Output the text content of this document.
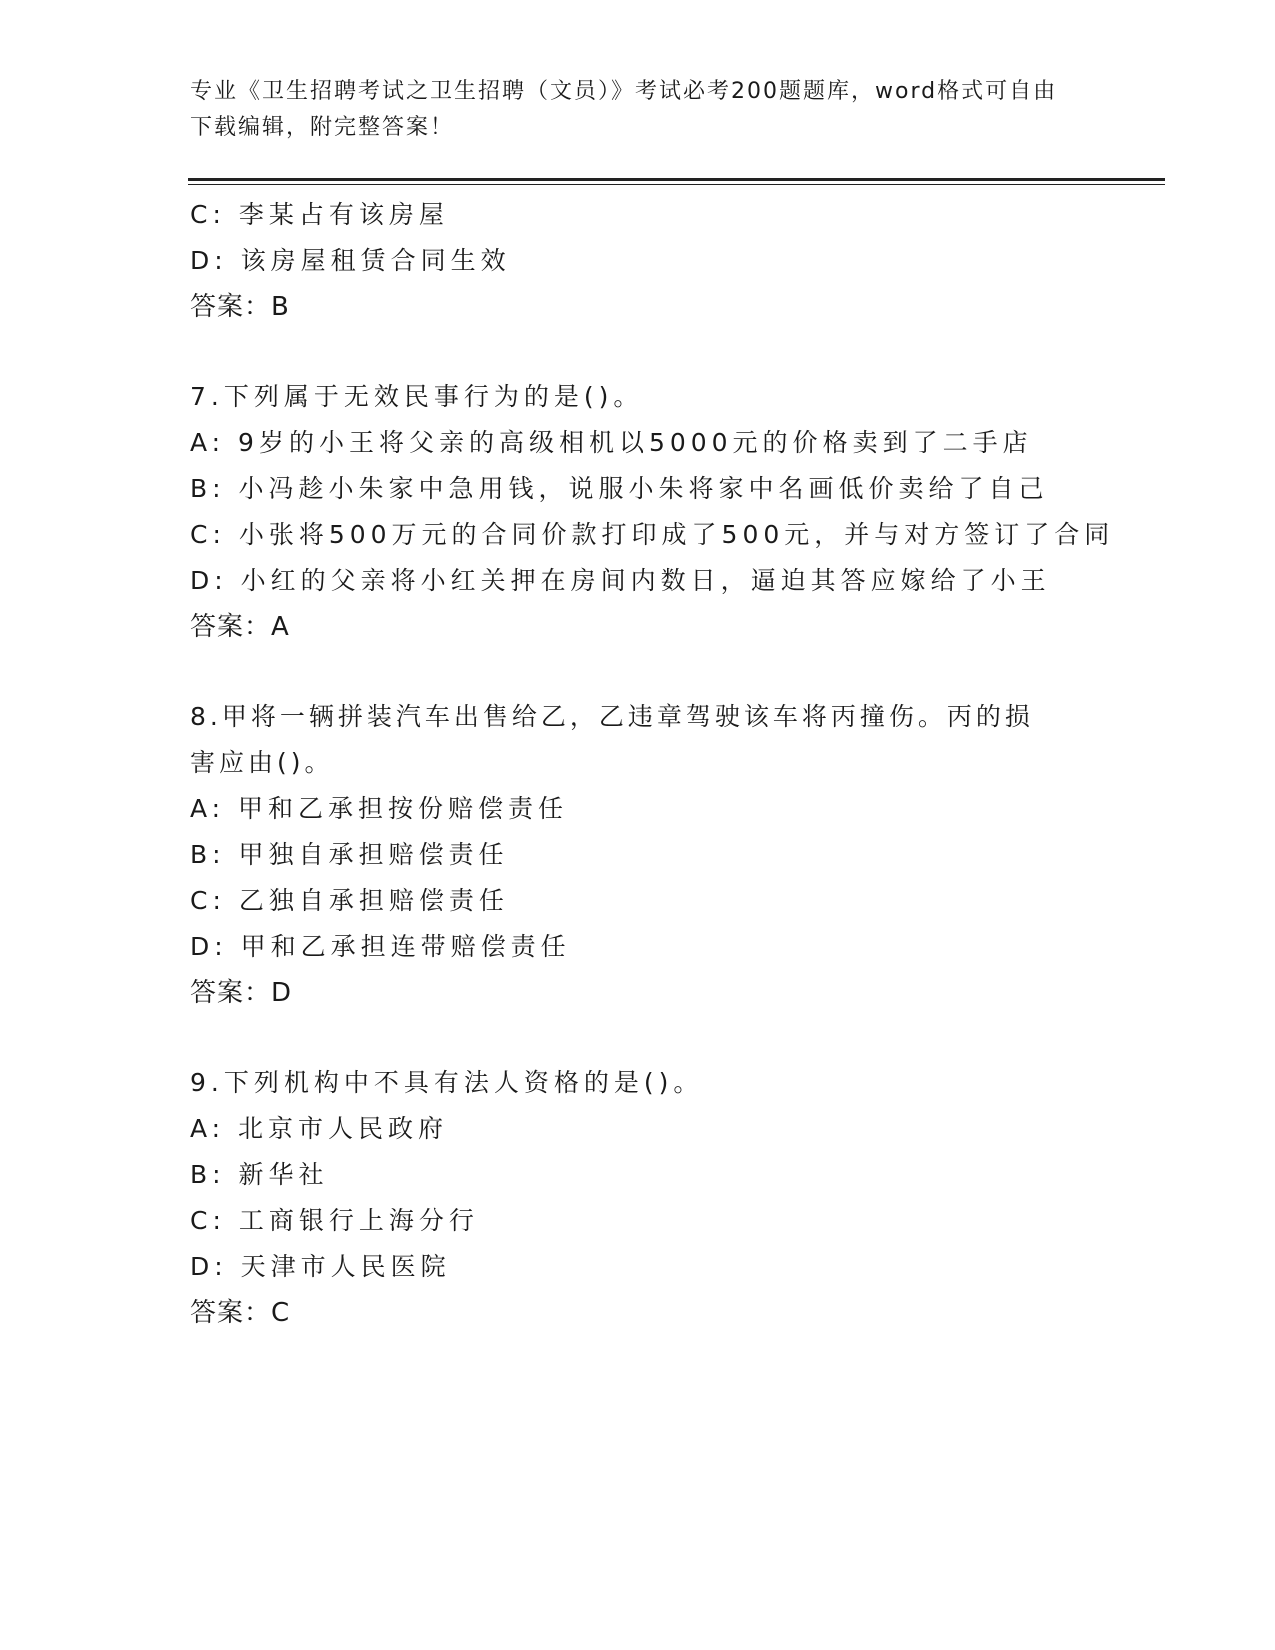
专业《卫生招聘考试之卫生招聘（文员）》考试必考200题题库，word格式可自由下载编辑，附完整答案！
C: 李某占有该房屋
D: 该房屋租赁合同生效
答案：B
7.下列属于无效民事行为的是()。
A: 9岁的小王将父亲的高级相机以5000元的价格卖到了二手店
B: 小冯趁小朱家中急用钱，说服小朱将家中名画低价卖给了自己
C: 小张将500万元的合同价款打印成了500元，并与对方签订了合同
D: 小红的父亲将小红关押在房间内数日，逼迫其答应嫁给了小王
答案：A
8.甲将一辆拼装汽车出售给乙，乙违章驾驶该车将丙撞伤。丙的损害应由()。
A: 甲和乙承担按份赔偿责任
B: 甲独自承担赔偿责任
C: 乙独自承担赔偿责任
D: 甲和乙承担连带赔偿责任
答案：D
9.下列机构中不具有法人资格的是()。
A: 北京市人民政府
B: 新华社
C: 工商银行上海分行
D: 天津市人民医院
答案：C
